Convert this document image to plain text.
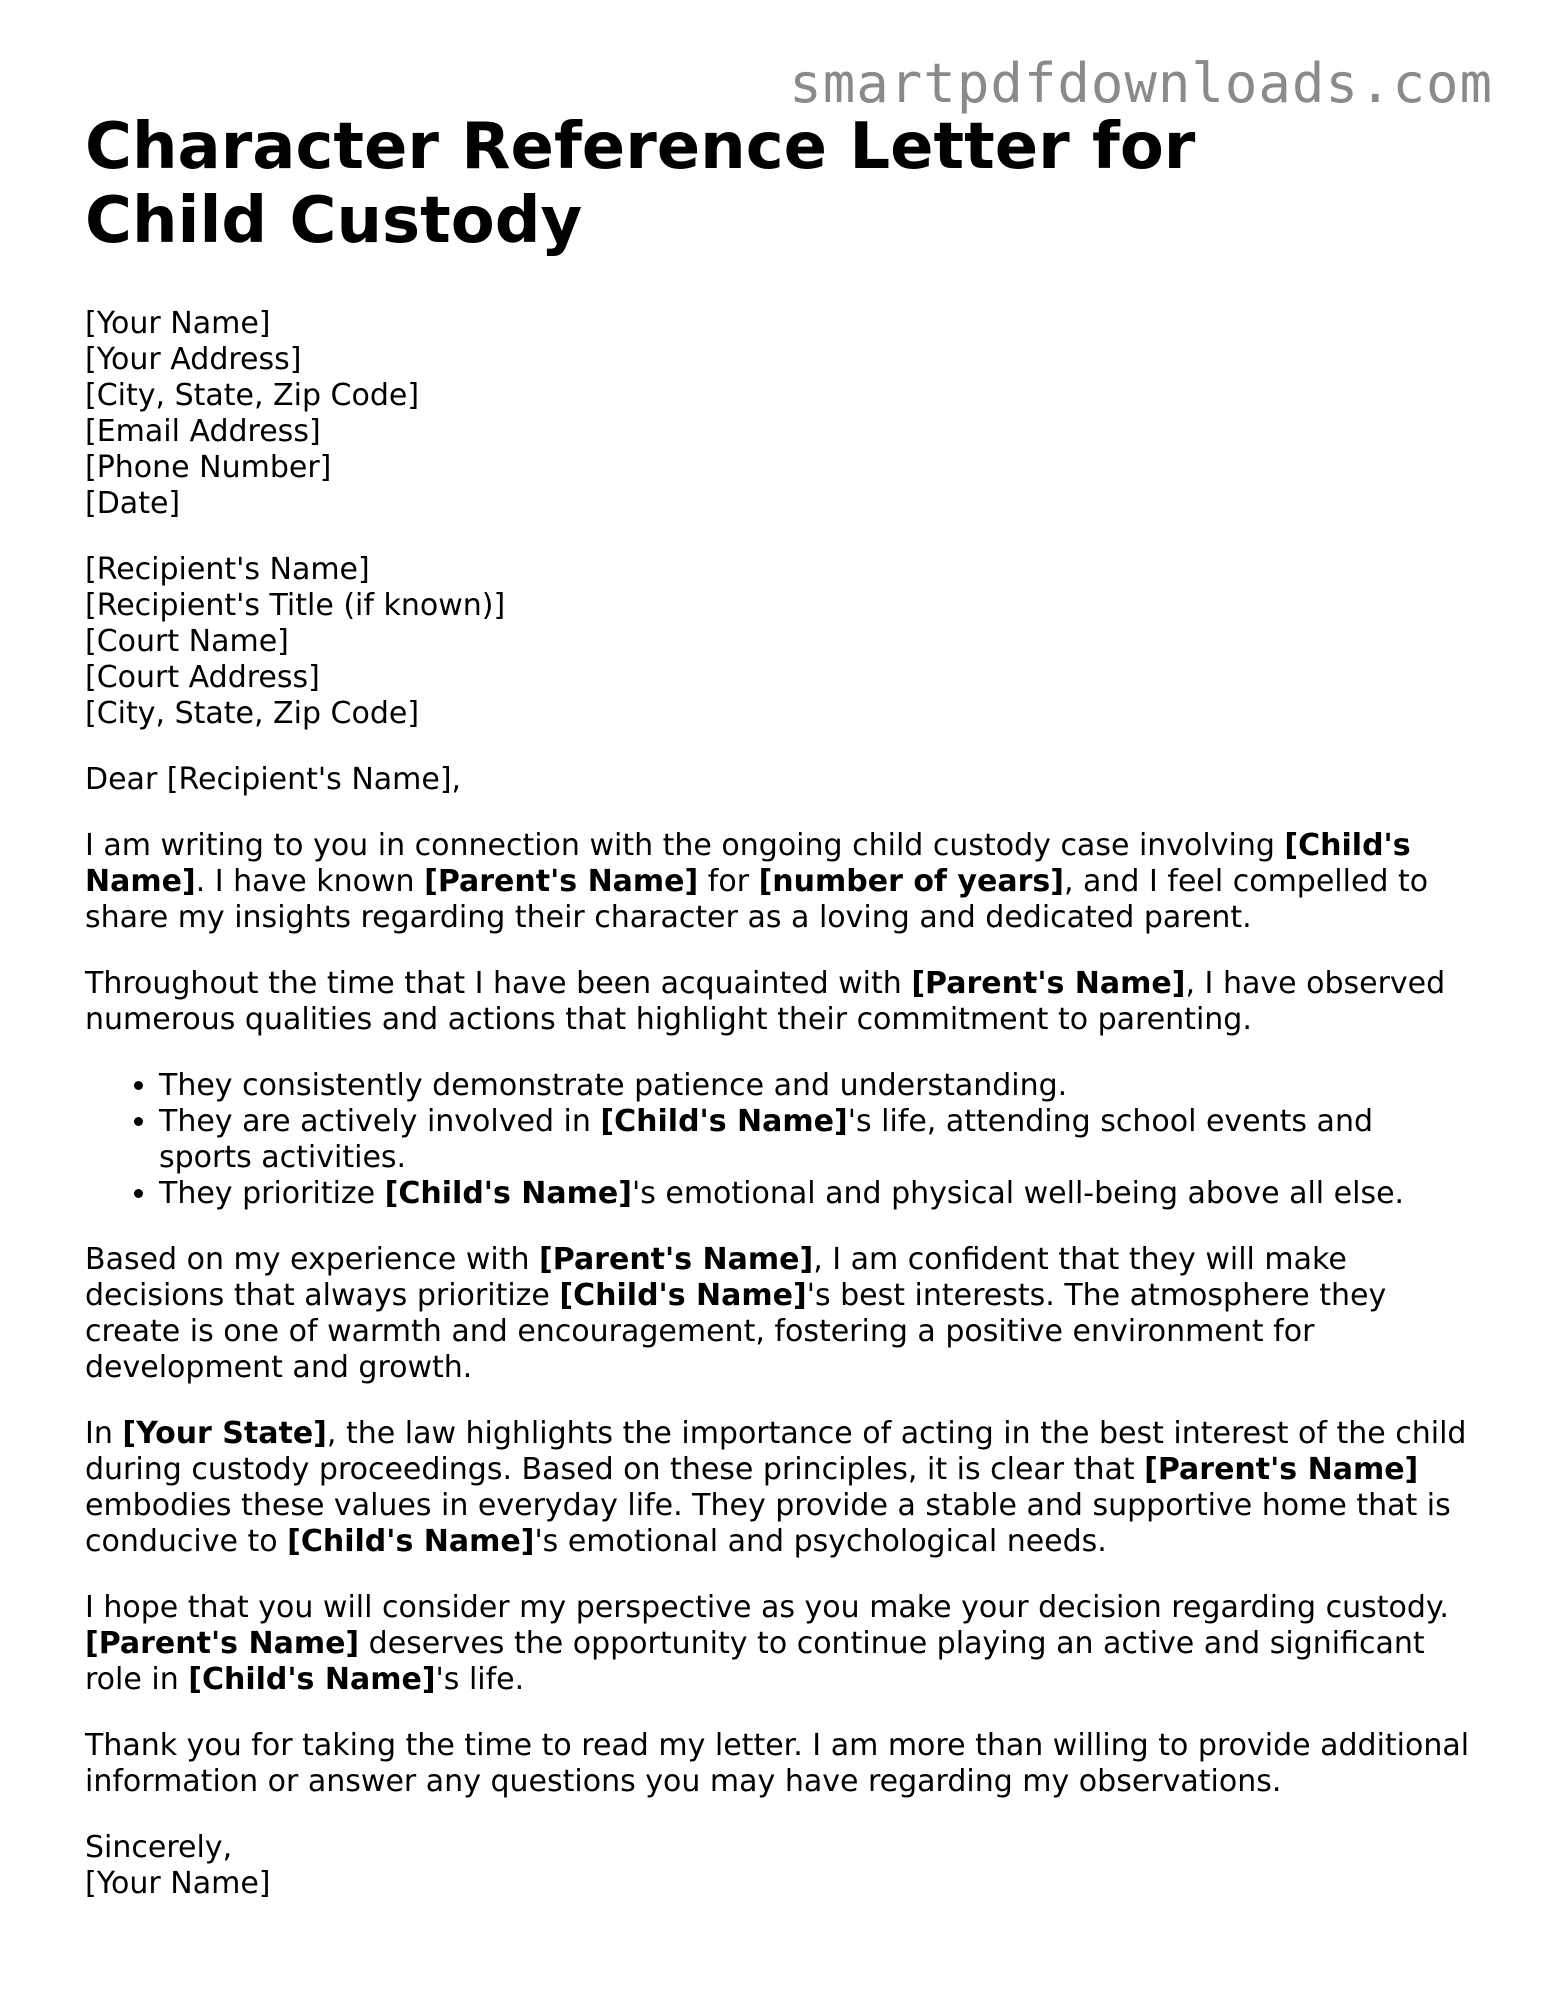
smartpdfdownloads.com
Character Reference Letter for Child Custody
[Your Name]
[Your Address]
[City, State, Zip Code]
[Email Address]
[Phone Number]
[Date]
[Recipient's Name]
[Recipient's Title (if known)]
[Court Name]
[Court Address]
[City, State, Zip Code]

Dear [Recipient's Name],

I am writing to you in connection with the ongoing child custody case involving [Child's Name]. I have known [Parent's Name] for [number of years], and I feel compelled to share my insights regarding their character as a loving and dedicated parent.

Throughout the time that I have been acquainted with [Parent's Name], I have observed numerous qualities and actions that highlight their commitment to parenting.

• They consistently demonstrate patience and understanding.
• They are actively involved in [Child's Name]'s life, attending school events and sports activities.
• They prioritize [Child's Name]'s emotional and physical well-being above all else.

Based on my experience with [Parent's Name], I am confident that they will make decisions that always prioritize [Child's Name]'s best interests. The atmosphere they create is one of warmth and encouragement, fostering a positive environment for development and growth.

In [Your State], the law highlights the importance of acting in the best interest of the child during custody proceedings. Based on these principles, it is clear that [Parent's Name] embodies these values in everyday life. They provide a stable and supportive home that is conducive to [Child's Name]'s emotional and psychological needs.

I hope that you will consider my perspective as you make your decision regarding custody. [Parent's Name] deserves the opportunity to continue playing an active and significant role in [Child's Name]'s life.

Thank you for taking the time to read my letter. I am more than willing to provide additional information or answer any questions you may have regarding my observations.

Sincerely,
[Your Name]
